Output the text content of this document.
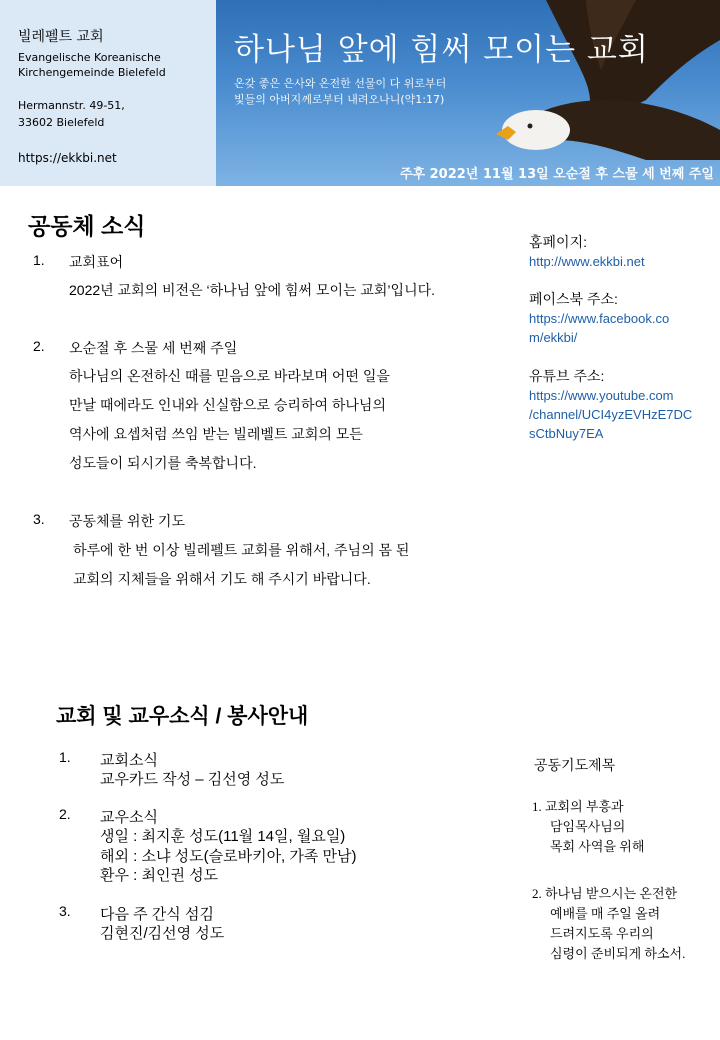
빌레펠트 교회
Evangelische Koreanische
Kirchengemeinde Bielefeld
Hermannstr. 49-51,
33602 Bielefeld
https://ekkbi.net
하나님 앞에 힘써 모이는 교회
온갖 좋은 은사와 온전한 선물이 다 위로부터
빛들의 아버지께로부터 내려오나니(약1:17)
주후 2022년 11월 13일 오순절 후 스물 세 번째 주일
공동체 소식
1. 교회표어
2022년 교회의 비전은 ‘하나님 앞에 힘써 모이는 교회’입니다.
2. 오순절 후 스물 세 번째 주일
하나님의 온전하신 때를 믿음으로 바라보며 어떤 일을
만날 때에라도 인내와 신실함으로 승리하여 하나님의
역사에 요셉처럼 쓰임 받는 빌레벨트 교회의 모든
성도들이 되시기를 축복합니다.
3. 공동체를 위한 기도
하루에 한 번 이상 빌레펠트 교회를 위해서, 주님의 몸 된
교회의 지체들을 위해서 기도 해 주시기 바랍니다.
홈페이지:
http://www.ekkbi.net
페이스북 주소:
https://www.facebook.co
m/ekkbi/
유튜브 주소:
https://www.youtube.com
/channel/UCI4yzEVHzE7DC
sCtbNuy7EA
교회 및 교우소식 / 봉사안내
1. 교회소식
교우카드 작성 – 김선영 성도
2. 교우소식
생일 : 최지훈 성도(11월 14일, 월요일)
해외 : 소냐 성도(슬로바키아, 가족 만남)
환우 : 최인권 성도
3. 다음 주 간식 섬김
김현진/김선영 성도
공동기도제목
1. 교회의 부흥과
담임목사님의
목회 사역을 위해
2. 하나님 받으시는 온전한
예배를 매 주일 올려
드려지도록 우리의
심령이 준비되게 하소서.
